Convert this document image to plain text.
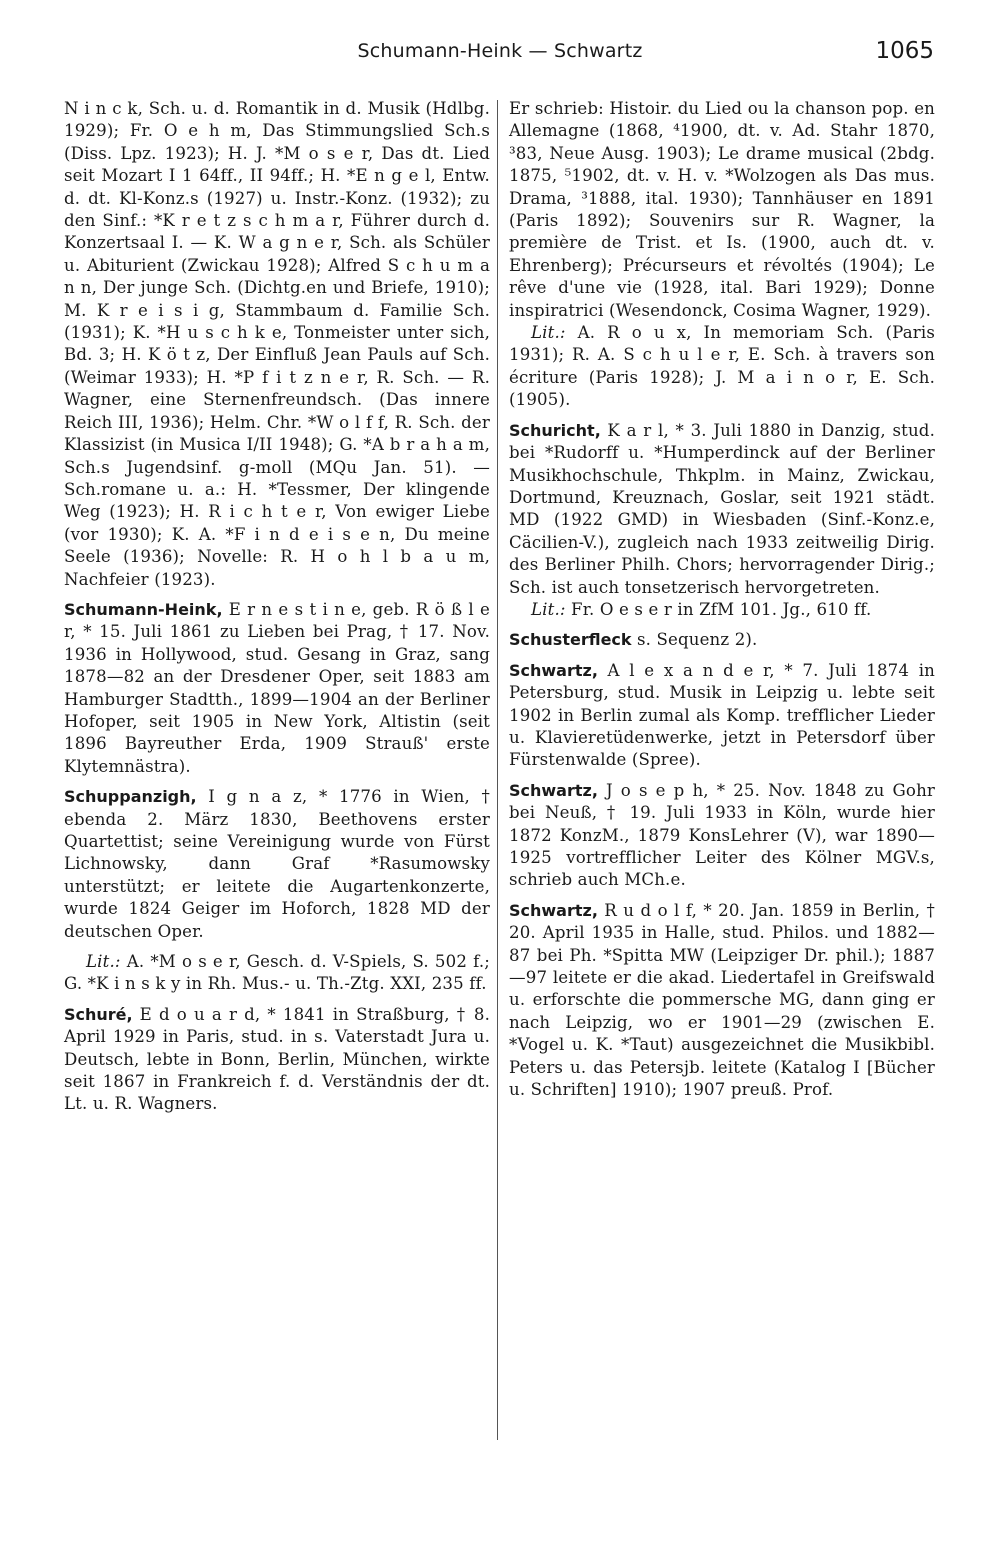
Schumann-Heink — Schwartz	1065

N i n c k, Sch. u. d. Romantik in d. Musik (Hdlbg. 1929); Fr. O e h m, Das Stimmungslied Sch.s (Diss. Lpz. 1923); H. J. *M o s e r, Das dt. Lied seit Mozart I 1 64ff., II 94ff.; H. *E n g e l, Entw. d. dt. Kl-Konz.s (1927) u. Instr.-Konz. (1932); zu den Sinf.: *K r e t z s c h m a r, Führer durch d. Konzertsaal I. — K. W a g n e r, Sch. als Schüler u. Abiturient (Zwickau 1928); Alfred S c h u m a n n, Der junge Sch. (Dichtg.en und Briefe, 1910); M. K r e i s i g, Stammbaum d. Familie Sch. (1931); K. *H u s c h k e, Tonmeister unter sich, Bd. 3; H. K ö t z, Der Einfluß Jean Pauls auf Sch. (Weimar 1933); H. *P f i t z n e r, R. Sch. — R. Wagner, eine Sternenfreundsch. (Das innere Reich III, 1936); Helm. Chr. *W o l f f, R. Sch. der Klassizist (in Musica I/II 1948); G. *A b r a h a m, Sch.s Jugendsinf. g-moll (MQu Jan. 51). — Sch.romane u. a.: H. *Tessmer, Der klingende Weg (1923); H. R i c h t e r, Von ewiger Liebe (vor 1930); K. A. *F i n d e i s e n, Du meine Seele (1936); Novelle: R. H o h l b a u m, Nachfeier (1923).

Schumann-Heink, E r n e s t i n e, geb. R ö ß l e r, * 15. Juli 1861 zu Lieben bei Prag, † 17. Nov. 1936 in Hollywood, stud. Gesang in Graz, sang 1878—82 an der Dresdener Oper, seit 1883 am Hamburger Stadtth., 1899—1904 an der Berliner Hofoper, seit 1905 in New York, Altistin (seit 1896 Bayreuther Erda, 1909 Strauß' erste Klytemnästra).

Schuppanzigh, I g n a z, * 1776 in Wien, † ebenda 2. März 1830, Beethovens erster Quartettist; seine Vereinigung wurde von Fürst Lichnowsky, dann Graf *Rasumowsky unterstützt; er leitete die Augartenkonzerte, wurde 1824 Geiger im Hoforch, 1828 MD der deutschen Oper.

Lit.: A. *M o s e r, Gesch. d. V-Spiels, S. 502 f.; G. *K i n s k y in Rh. Mus.- u. Th.-Ztg. XXI, 235 ff.

Schuré, E d o u a r d, * 1841 in Straßburg, † 8. April 1929 in Paris, stud. in s. Vaterstadt Jura u. Deutsch, lebte in Bonn, Berlin, München, wirkte seit 1867 in Frankreich f. d. Verständnis der dt. Lt. u. R. Wagners.

Er schrieb: Histoir. du Lied ou la chanson pop. en Allemagne (1868, ⁴1900, dt. v. Ad. Stahr 1870, ³83, Neue Ausg. 1903); Le drame musical (2bdg. 1875, ⁵1902, dt. v. H. v. *Wolzogen als Das mus. Drama, ³1888, ital. 1930); Tannhäuser en 1891 (Paris 1892); Souvenirs sur R. Wagner, la première de Trist. et Is. (1900, auch dt. v. Ehrenberg); Précurseurs et révoltés (1904); Le rêve d'une vie (1928, ital. Bari 1929); Donne inspiratrici (Wesendonck, Cosima Wagner, 1929).

Lit.: A. R o u x, In memoriam Sch. (Paris 1931); R. A. S c h u l e r, E. Sch. à travers son écriture (Paris 1928); J. M a i n o r, E. Sch. (1905).

Schuricht, K a r l, * 3. Juli 1880 in Danzig, stud. bei *Rudorff u. *Humperdinck auf der Berliner Musikhochschule, Thkplm. in Mainz, Zwickau, Dortmund, Kreuznach, Goslar, seit 1921 städt. MD (1922 GMD) in Wiesbaden (Sinf.-Konz.e, Cäcilien-V.), zugleich nach 1933 zeitweilig Dirig. des Berliner Philh. Chors; hervorragender Dirig.; Sch. ist auch tonsetzerisch hervorgetreten.

Lit.: Fr. O e s e r in ZfM 101. Jg., 610 ff.

Schusterfleck s. Sequenz 2).

Schwartz, A l e x a n d e r, * 7. Juli 1874 in Petersburg, stud. Musik in Leipzig u. lebte seit 1902 in Berlin zumal als Komp. trefflicher Lieder u. Klavieretüdenwerke, jetzt in Petersdorf über Fürstenwalde (Spree).

Schwartz, J o s e p h, * 25. Nov. 1848 zu Gohr bei Neuß, † 19. Juli 1933 in Köln, wurde hier 1872 KonzM., 1879 KonsLehrer (V), war 1890—1925 vortrefflicher Leiter des Kölner MGV.s, schrieb auch MCh.e.

Schwartz, R u d o l f, * 20. Jan. 1859 in Berlin, † 20. April 1935 in Halle, stud. Philos. und 1882—87 bei Ph. *Spitta MW (Leipziger Dr. phil.); 1887—97 leitete er die akad. Liedertafel in Greifswald u. erforschte die pommersche MG, dann ging er nach Leipzig, wo er 1901—29 (zwischen E. *Vogel u. K. *Taut) ausgezeichnet die Musikbibl. Peters u. das Petersjb. leitete (Katalog I [Bücher u. Schriften] 1910); 1907 preuß. Prof.
